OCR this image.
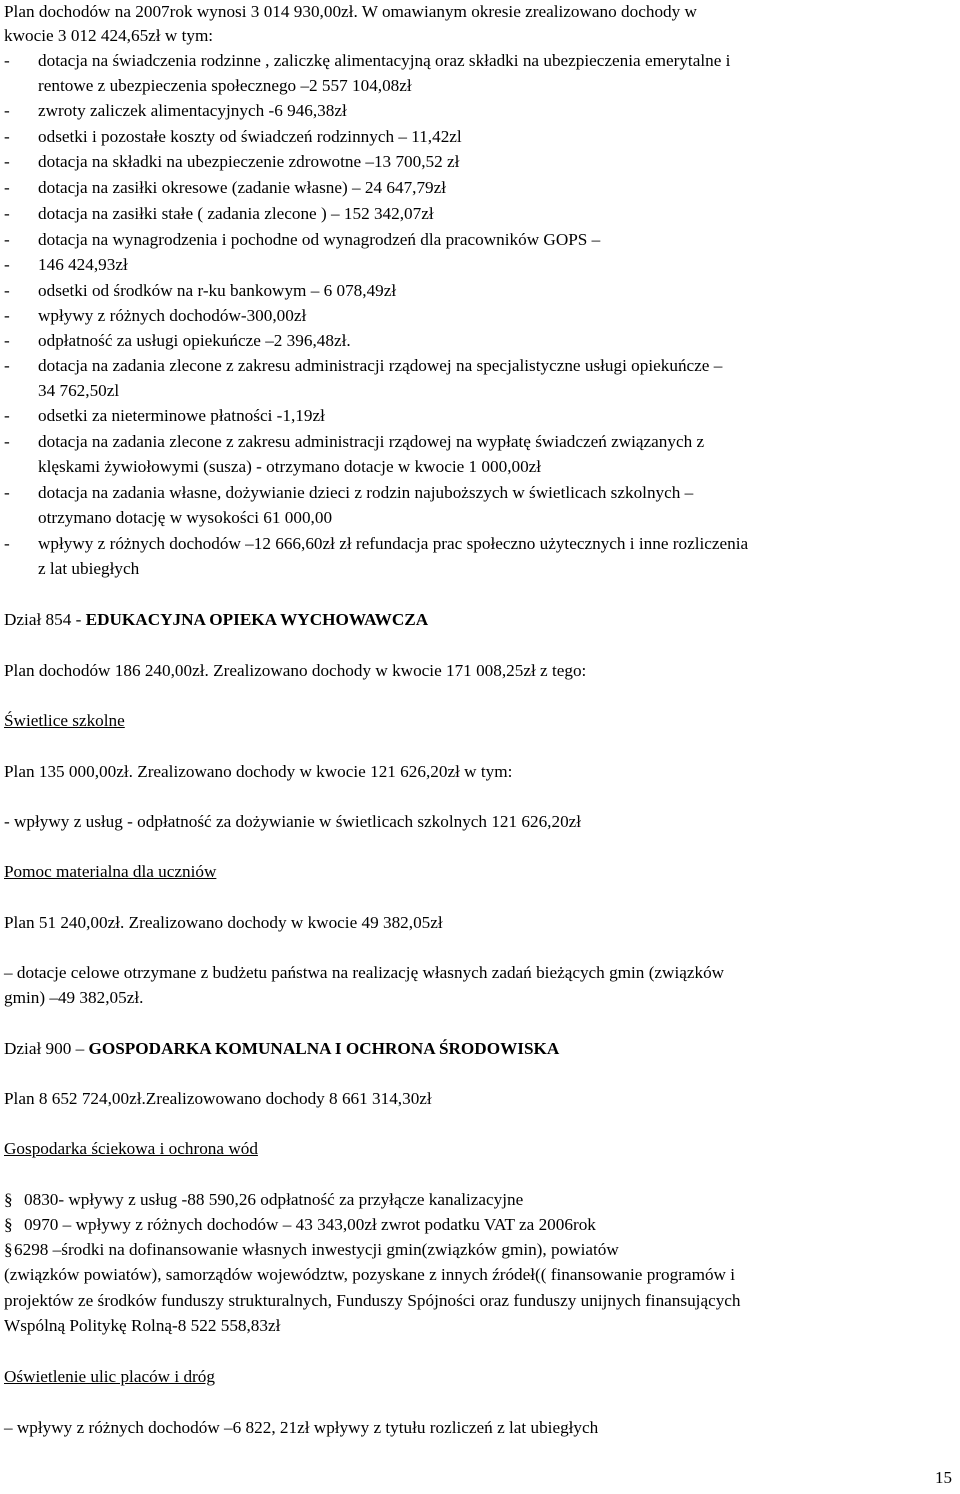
Plan dochodów na 2007rok wynosi 3 014 930,00zł. W omawianym okresie zrealizowano dochody w
kwocie 3 012 424,65zł w tym:
- dotacja na świadczenia rodzinne , zaliczkę alimentacyjną oraz składki na ubezpieczenia emerytalne i
rentowe z ubezpieczenia społecznego –2 557 104,08zł
- zwroty zaliczek alimentacyjnych -6 946,38zł
- odsetki i pozostałe koszty od świadczeń rodzinnych – 11,42zl
- dotacja na składki na ubezpieczenie zdrowotne –13 700,52 zł
- dotacja na zasiłki okresowe (zadanie własne) – 24 647,79zł
- dotacja na zasiłki stałe ( zadania zlecone ) – 152 342,07zł
- dotacja na wynagrodzenia i pochodne od wynagrodzeń dla pracowników GOPS –
- 146 424,93zł
- odsetki od środków na r-ku bankowym – 6 078,49zł
- wpływy z różnych dochodów-300,00zł
- odpłatność za usługi opiekuńcze –2 396,48zł.
- dotacja na zadania zlecone z zakresu administracji rządowej na specjalistyczne usługi opiekuńcze –
34 762,50zl
- odsetki za nieterminowe płatności -1,19zł
- dotacja na zadania zlecone z zakresu administracji rządowej na wypłatę świadczeń związanych z
klęskami żywiołowymi (susza) - otrzymano dotacje w kwocie 1 000,00zł
- dotacja na zadania własne, dożywianie dzieci z rodzin najuboższych w świetlicach szkolnych –
otrzymano dotację w wysokości 61 000,00
- wpływy z różnych dochodów –12 666,60zł zł refundacja prac społeczno użytecznych i inne rozliczenia
z lat ubiegłych
Dział 854 - EDUKACYJNA OPIEKA WYCHOWAWCZA
Plan dochodów 186 240,00zł. Zrealizowano dochody w kwocie 171 008,25zł z tego:
Świetlice szkolne
Plan 135 000,00zł. Zrealizowano dochody w kwocie 121 626,20zł w tym:
- wpływy z usług - odpłatność za dożywianie w świetlicach szkolnych 121 626,20zł
Pomoc materialna dla uczniów
Plan 51 240,00zł. Zrealizowano dochody w kwocie 49 382,05zł
– dotacje celowe otrzymane z budżetu państwa na realizację własnych zadań bieżących gmin (związków
gmin) –49 382,05zł.
Dział 900 – GOSPODARKA KOMUNALNA I OCHRONA ŚRODOWISKA
Plan 8 652 724,00zł.Zrealizowowano dochody 8 661 314,30zł
Gospodarka ściekowa i ochrona wód
§ 0830- wpływy z usług -88 590,26 odpłatność za przyłącze kanalizacyjne
§ 0970 – wpływy z różnych dochodów – 43 343,00zł zwrot podatku VAT za 2006rok
§6298 –środki na dofinansowanie własnych inwestycji gmin(związków gmin), powiatów
(związków powiatów), samorządów województw, pozyskane z innych źródeł(( finansowanie programów i
projektów ze środków funduszy strukturalnych, Funduszy Spójności oraz funduszy unijnych finansujących
Wspólną Politykę Rolną-8 522 558,83zł
Oświetlenie ulic placów i dróg
– wpływy z różnych dochodów –6 822, 21zł wpływy z tytułu rozliczeń z lat ubiegłych
15
